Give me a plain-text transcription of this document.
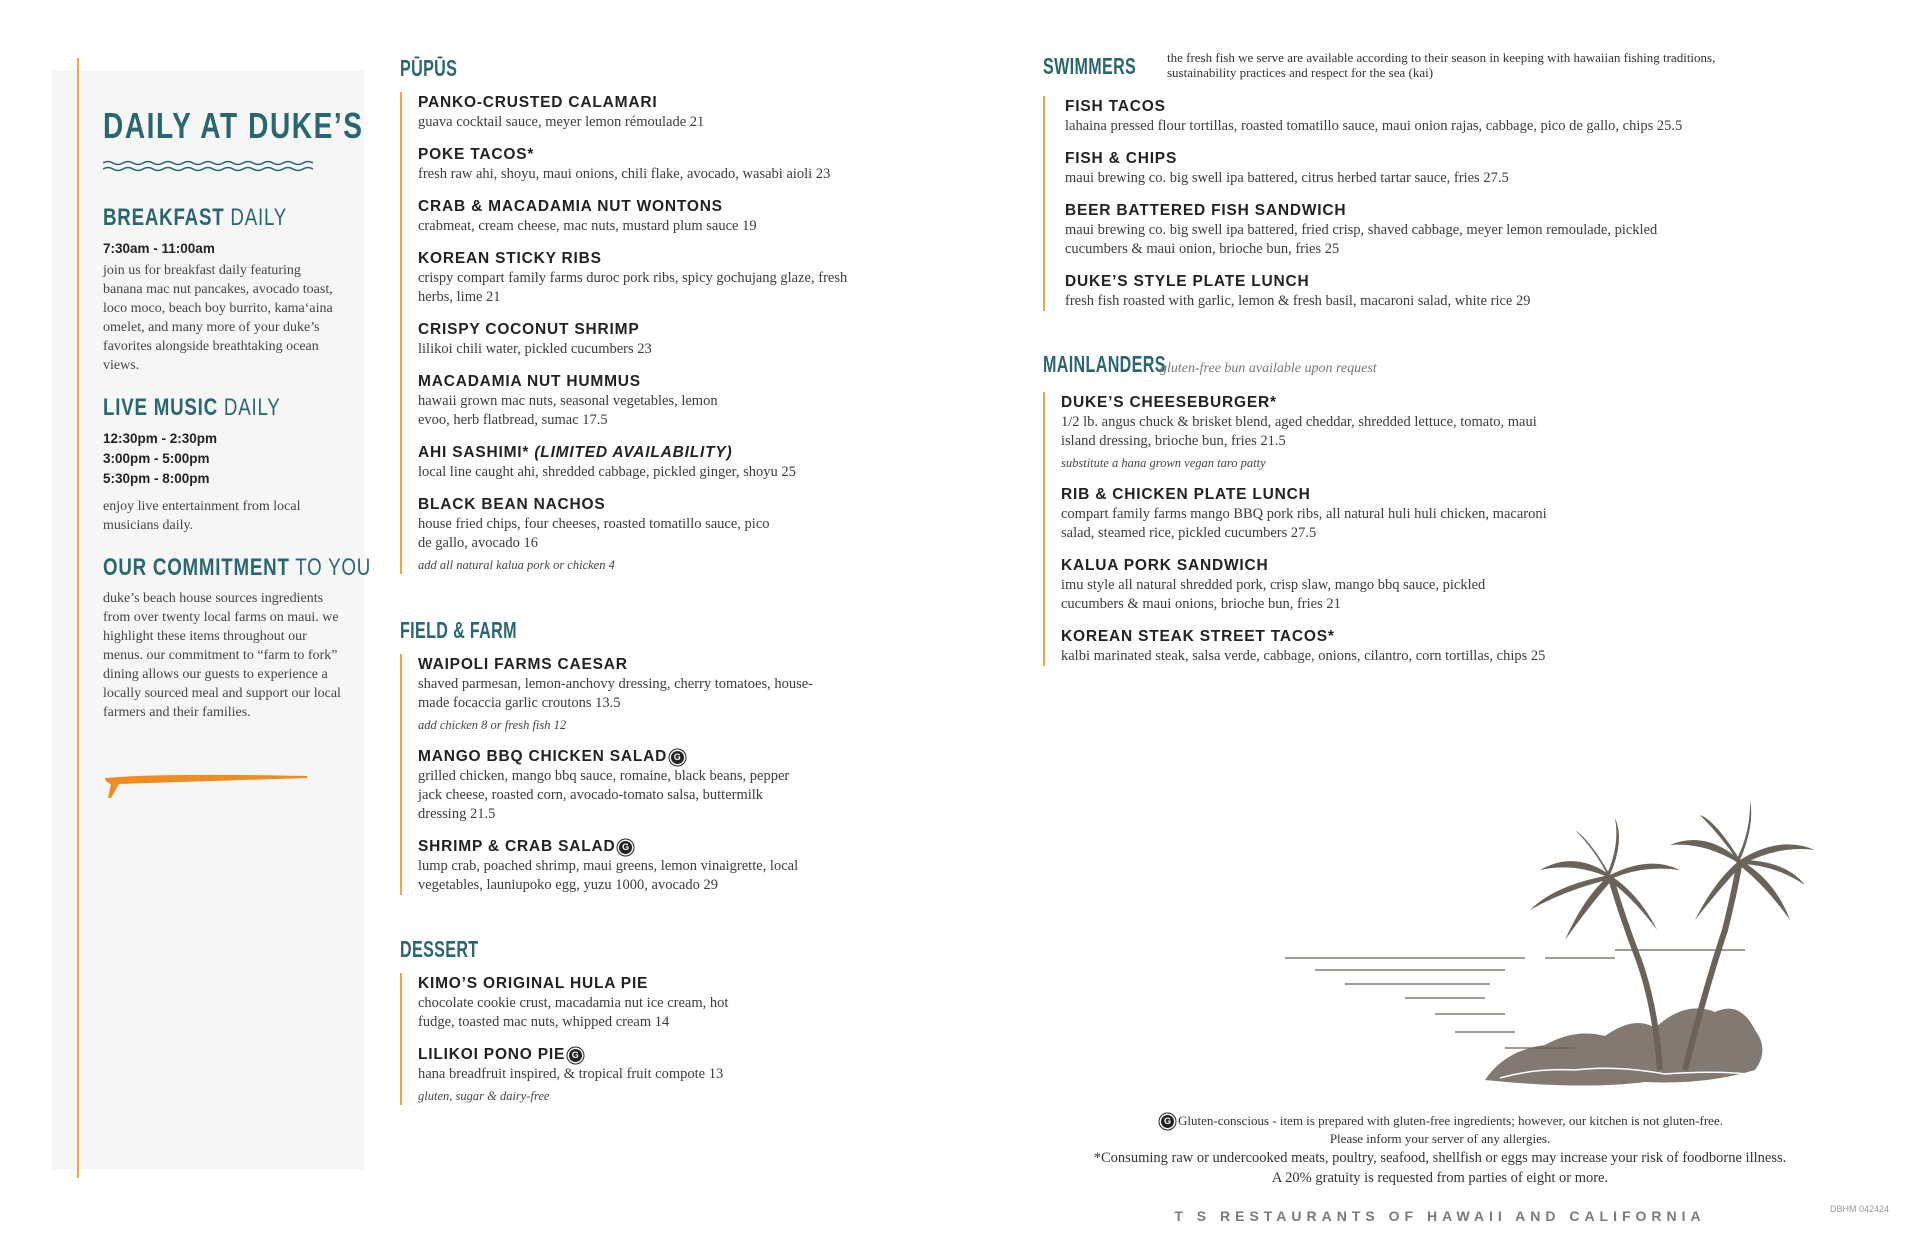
DAILY AT DUKE’S
BREAKFAST DAILY
7:30am - 11:00am
join us for breakfast daily featuring banana mac nut pancakes, avocado toast, loco moco, beach boy burrito, kama‘aina omelet, and many more of your duke’s favorites alongside breathtaking ocean views.
LIVE MUSIC DAILY
12:30pm - 2:30pm
3:00pm - 5:00pm
5:30pm - 8:00pm
enjoy live entertainment from local musicians daily.
OUR COMMITMENT TO YOU
duke’s beach house sources ingredients from over twenty local farms on maui. we highlight these items throughout our menus. our commitment to “farm to fork” dining allows our guests to experience a locally sourced meal and support our local farmers and their families.
PŪPŪS
PANKO-CRUSTED CALAMARI
guava cocktail sauce, meyer lemon rémoulade 21
POKE TACOS*
fresh raw ahi, shoyu, maui onions, chili flake, avocado, wasabi aioli 23
CRAB & MACADAMIA NUT WONTONS
crabmeat, cream cheese, mac nuts, mustard plum sauce 19
KOREAN STICKY RIBS
crispy compart family farms duroc pork ribs, spicy gochujang glaze, fresh herbs, lime 21
CRISPY COCONUT SHRIMP
lilikoi chili water, pickled cucumbers 23
MACADAMIA NUT HUMMUS
hawaii grown mac nuts, seasonal vegetables, lemon evoo, herb flatbread, sumac 17.5
AHI SASHIMI* (LIMITED AVAILABILITY)
local line caught ahi, shredded cabbage, pickled ginger, shoyu 25
BLACK BEAN NACHOS
house fried chips, four cheeses, roasted tomatillo sauce, pico de gallo, avocado 16
add all natural kalua pork or chicken 4
FIELD & FARM
WAIPOLI FARMS CAESAR
shaved parmesan, lemon-anchovy dressing, cherry tomatoes, house-made focaccia garlic croutons 13.5
add chicken 8 or fresh fish 12
MANGO BBQ CHICKEN SALAD G
grilled chicken, mango bbq sauce, romaine, black beans, pepper jack cheese, roasted corn, avocado-tomato salsa, buttermilk dressing 21.5
SHRIMP & CRAB SALAD G
lump crab, poached shrimp, maui greens, lemon vinaigrette, local vegetables, launiupoko egg, yuzu 1000, avocado 29
DESSERT
KIMO’S ORIGINAL HULA PIE
chocolate cookie crust, macadamia nut ice cream, hot fudge, toasted mac nuts, whipped cream 14
LILIKOI PONO PIE G
hana breadfruit inspired, & tropical fruit compote 13
gluten, sugar & dairy-free
SWIMMERS
FISH TACOS
lahaina pressed flour tortillas, roasted tomatillo sauce, maui onion rajas, cabbage, pico de gallo, chips 25.5
FISH & CHIPS
maui brewing co. big swell ipa battered, citrus herbed tartar sauce, fries 27.5
BEER BATTERED FISH SANDWICH
maui brewing co. big swell ipa battered, fried crisp, shaved cabbage, meyer lemon remoulade, pickled cucumbers & maui onion, brioche bun, fries 25
DUKE’S STYLE PLATE LUNCH
fresh fish roasted with garlic, lemon & fresh basil, macaroni salad, white rice 29
the fresh fish we serve are available according to their season in keeping with hawaiian fishing traditions, sustainability practices and respect for the sea (kai)
MAINLANDERS
DUKE’S CHEESEBURGER*
1/2 lb. angus chuck & brisket blend, aged cheddar, shredded lettuce, tomato, maui island dressing, brioche bun, fries 21.5
substitute a hana grown vegan taro patty
RIB & CHICKEN PLATE LUNCH
compart family farms mango BBQ pork ribs, all natural huli huli chicken, macaroni salad, steamed rice, pickled cucumbers 27.5
KALUA PORK SANDWICH
imu style all natural shredded pork, crisp slaw, mango bbq sauce, pickled cucumbers & maui onions, brioche bun, fries 21
KOREAN STEAK STREET TACOS*
kalbi marinated steak, salsa verde, cabbage, onions, cilantro, corn tortillas, chips 25
gluten-free bun available upon request
G Gluten-conscious - item is prepared with gluten-free ingredients; however, our kitchen is not gluten-free.
Please inform your server of any allergies.
*Consuming raw or undercooked meats, poultry, seafood, shellfish or eggs may increase your risk of foodborne illness.
A 20% gratuity is requested from parties of eight or more.
T S RESTAURANTS OF HAWAII AND CALIFORNIA	DBHM 042424
